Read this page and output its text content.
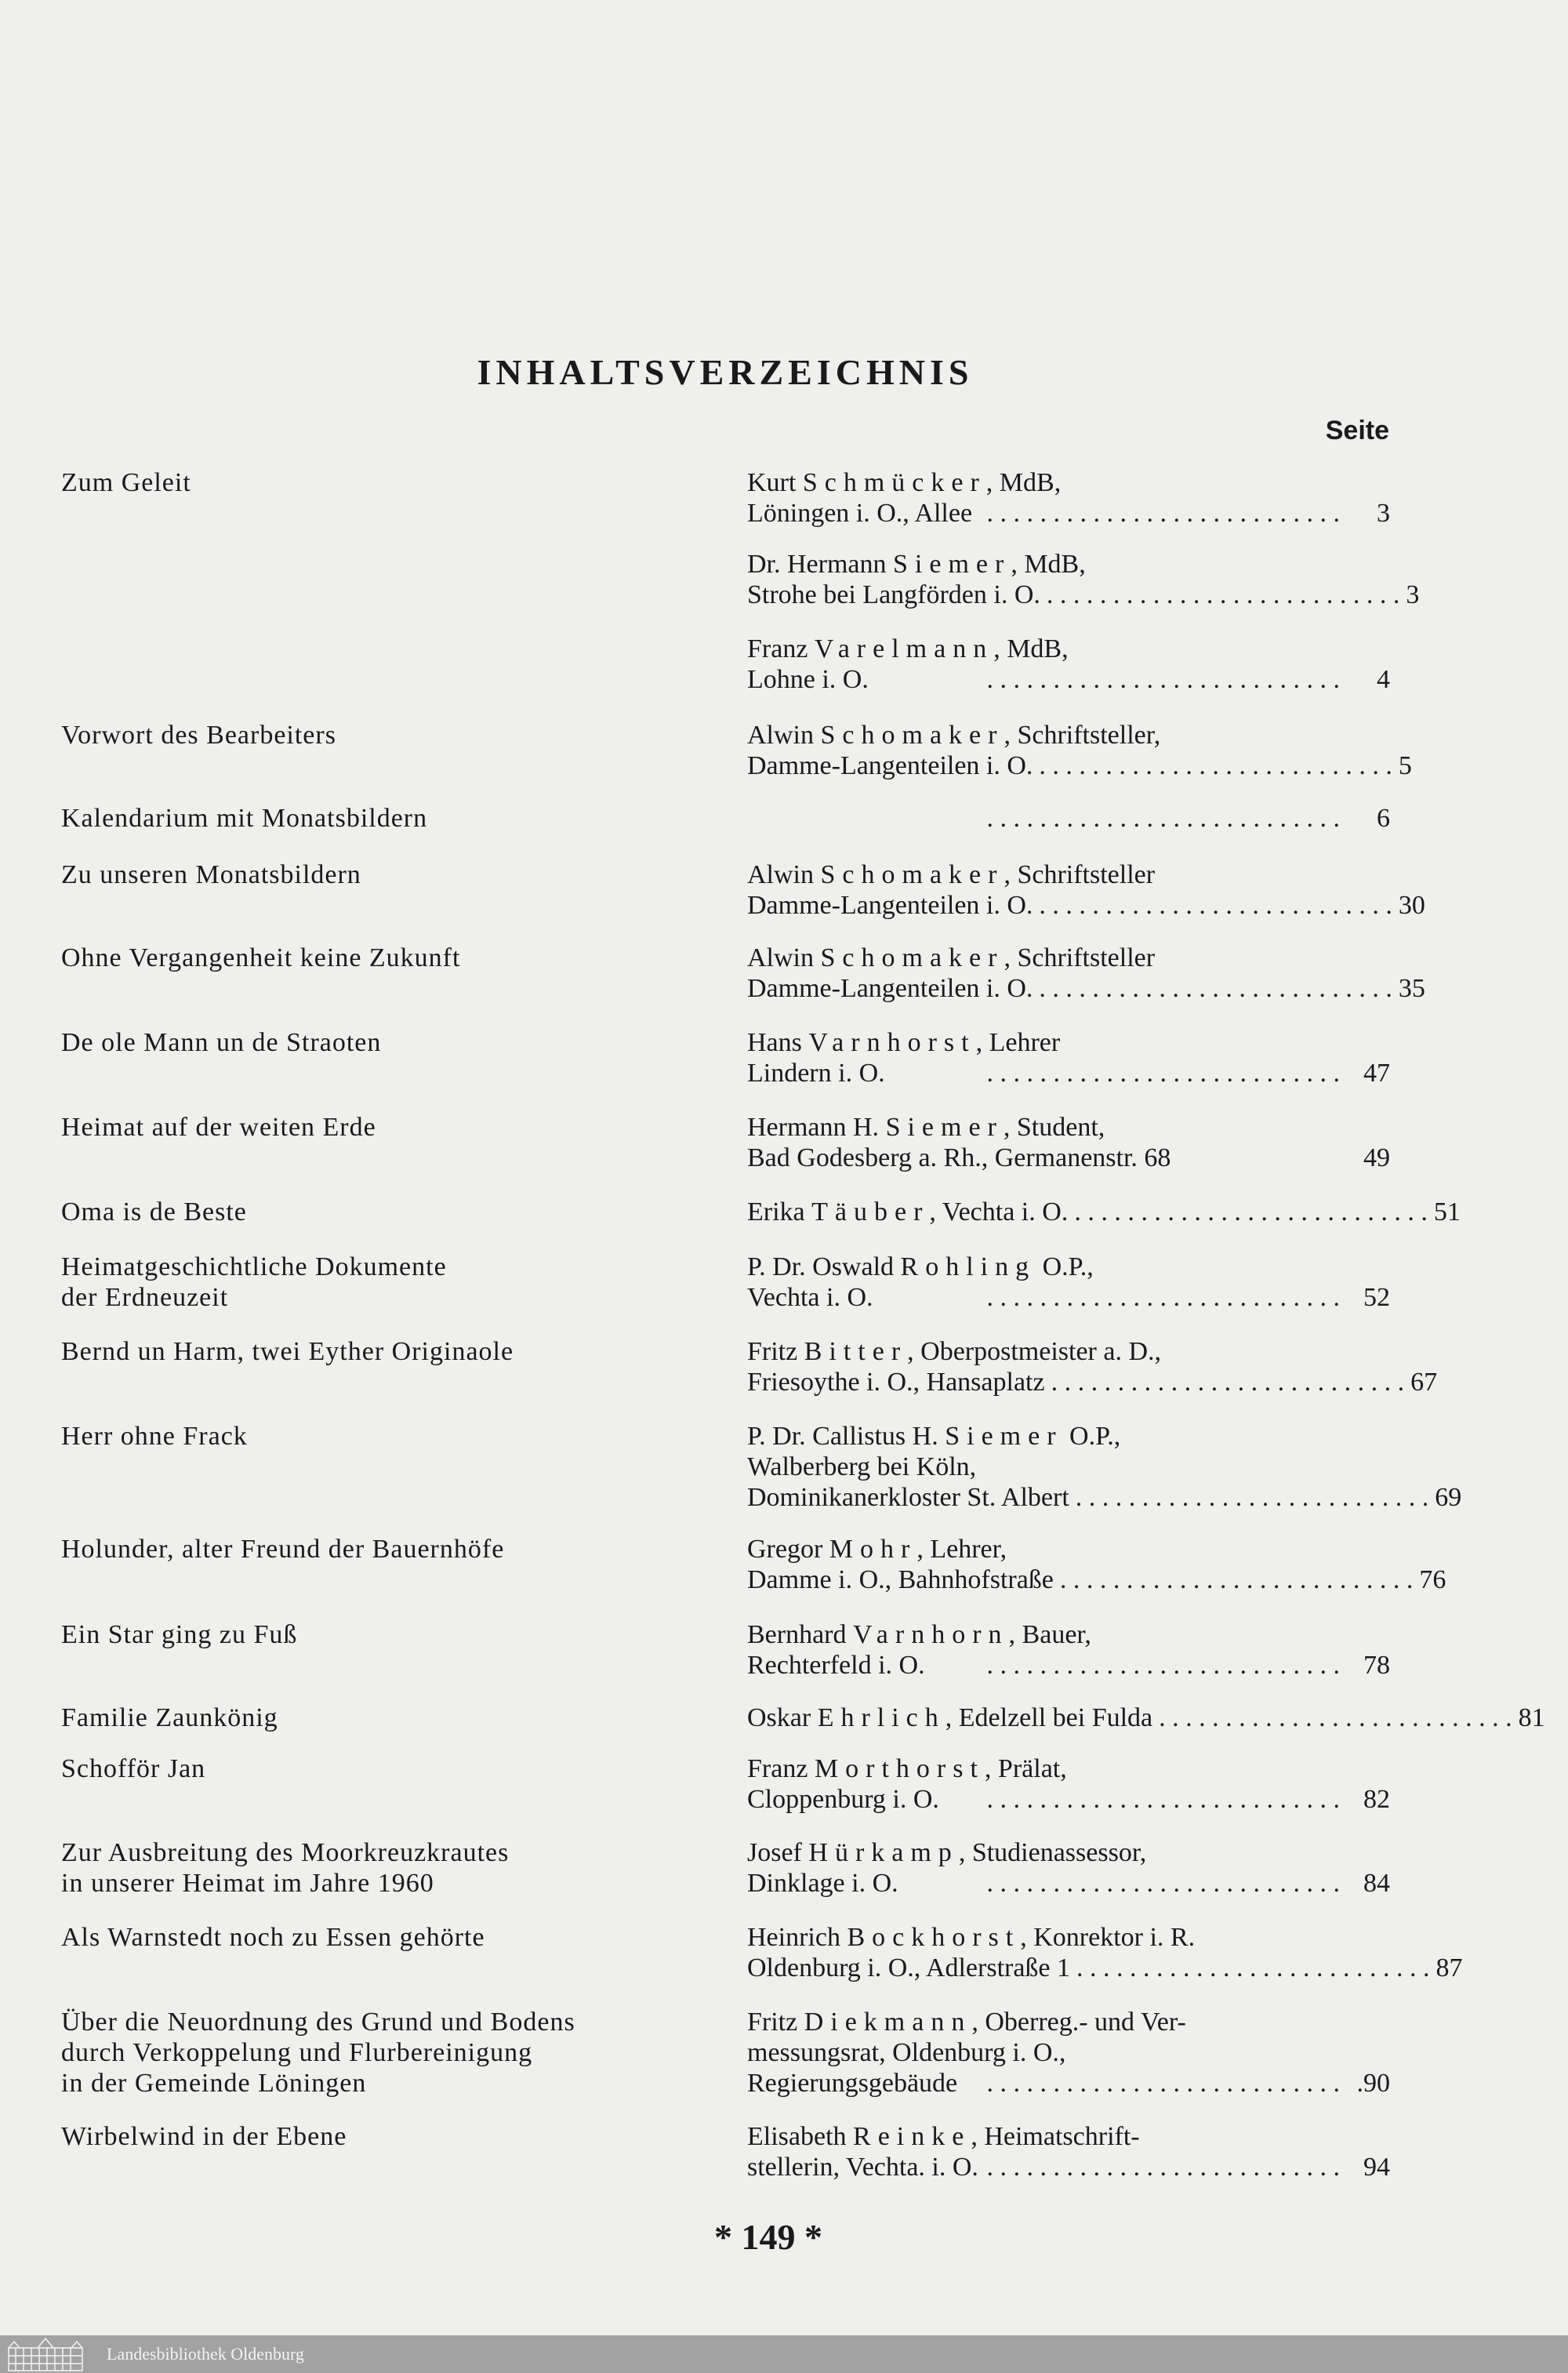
INHALTSVERZEICHNIS
Seite
Zum Geleit	Kurt Schmücker, MdB,
Löningen i. O., Allee . . . . . . . . . . . . . . . . . . . . . . . . . . .	3
Dr. Hermann Siemer, MdB,
Strohe bei Langförden i. O. . . . . . . . . . . . . . . . . . . . . . . . . . . . 3
Franz Varelmann, MdB,
Lohne i. O.	. . . . . . . . . . . . . . . . . . . . . . . . . . .	4
Vorwort des Bearbeiters	Alwin Schomaker, Schriftsteller,
Damme-Langenteilen i. O. . . . . . . . . . . . . . . . . . . . . . . . . . . . 5
Kalendarium mit Monatsbildern	. . . . . . . . . . . . . . . . . . . . . . . . . . .	6
Zu unseren Monatsbildern	Alwin Schomaker, Schriftsteller
Damme-Langenteilen i. O. . . . . . . . . . . . . . . . . . . . . . . . . . . . 30
Ohne Vergangenheit keine Zukunft	Alwin Schomaker, Schriftsteller
Damme-Langenteilen i. O. . . . . . . . . . . . . . . . . . . . . . . . . . . . 35
De ole Mann un de Straoten	Hans Varnhorst, Lehrer
Lindern i. O.	. . . . . . . . . . . . . . . . . . . . . . . . . . . 47
Heimat auf der weiten Erde	Hermann H. Siemer, Student,
Bad Godesberg a. Rh., Germanenstr. 68	49
Oma is de Beste	Erika Täuber, Vechta i. O. . . . . . . . . . . . . . . . . . . . . . . . . . . . 51
Heimatgeschichtliche Dokumente
der Erdneuzeit
P. Dr. Oswald Rohling O.P.,
Vechta i. O.	. . . . . . . . . . . . . . . . . . . . . . . . . . . 52
Bernd un Harm, twei Eyther Originaole	Fritz Bitter, Oberpostmeister a. D.,
Friesoythe i. O., Hansaplatz . . . . . . . . . . . . . . . . . . . . . . . . . . . 67
Herr ohne Frack	P. Dr. Callistus H. Siemer O.P.,
Walberberg bei Köln,
Dominikanerkloster St. Albert . . . . . . . . . . . . . . . . . . . . . . . . . . . 69
Holunder, alter Freund der Bauernhöfe	Gregor Mohr, Lehrer,
Damme i. O., Bahnhofstraße . . . . . . . . . . . . . . . . . . . . . . . . . . . 76
Ein Star ging zu Fuß	Bernhard Varnhorn, Bauer,
Rechterfeld i. O.	. . . . . . . . . . . . . . . . . . . . . . . . . . . 78
Familie Zaunkönig	Oskar Ehrlich, Edelzell bei Fulda . . . . . . . . . . . . . . . . . . . . . . . . . . . 81
Schofför Jan	Franz Morthorst, Prälat,
Cloppenburg i. O.	. . . . . . . . . . . . . . . . . . . . . . . . . . . 82
Zur Ausbreitung des Moorkreuzkrautes
in unserer Heimat im Jahre 1960
Josef Hürkamp, Studienassessor,
Dinklage i. O.	. . . . . . . . . . . . . . . . . . . . . . . . . . . 84
Als Warnstedt noch zu Essen gehörte	Heinrich Bockhorst, Konrektor i. R.
Oldenburg i. O., Adlerstraße 1 . . . . . . . . . . . . . . . . . . . . . . . . . . . 87
Über die Neuordnung des Grund und Bodens
durch Verkoppelung und Flurbereinigung
in der Gemeinde Löningen
Fritz Diekmann, Oberreg.- und Ver-
messungsrat, Oldenburg i. O.,
Regierungsgebäude	. . . . . . . . . . . . . . . . . . . . . . . . . . . .90
Wirbelwind in der Ebene	Elisabeth Reinke, Heimatschrift-
stellerin, Vechta. i. O. . . . . . . . . . . . . . . . . . . . . . . . . . . . 94
* 149 *
Landesbibliothek Oldenburg
